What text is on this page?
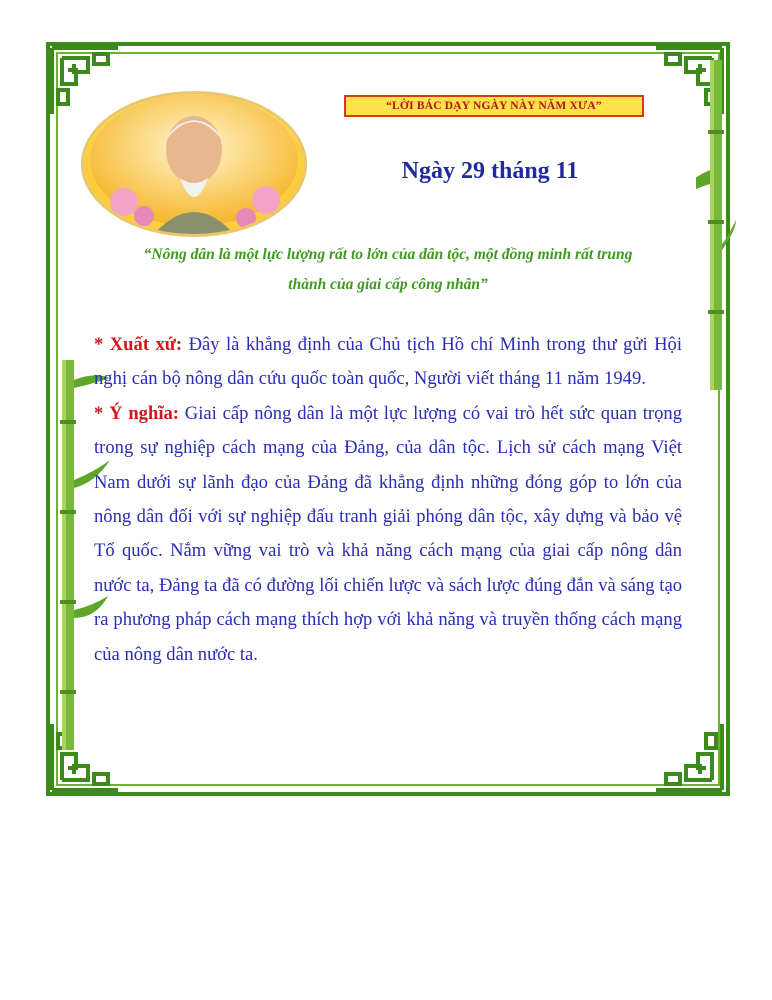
“LỜI BÁC DẠY NGÀY NÀY NĂM XƯA”
Ngày 29 tháng 11
“Nông dân là một lực lượng rất to lớn của dân tộc, một đồng minh rất trung
thành của giai cấp công nhân”

* Xuất xứ: Đây là khẳng định của Chủ tịch Hồ chí Minh trong thư gửi Hội nghị cán bộ nông dân cứu quốc toàn quốc, Người viết tháng 11 năm 1949.

* Ý nghĩa: Giai cấp nông dân là một lực lượng có vai trò hết sức quan trọng trong sự nghiệp cách mạng của Đảng, của dân tộc. Lịch sử cách mạng Việt Nam dưới sự lãnh đạo của Đảng đã khẳng định những đóng góp to lớn của nông dân đối với sự nghiệp đấu tranh giải phóng dân tộc, xây dựng và bảo vệ Tổ quốc. Nắm vững vai trò và khả năng cách mạng của giai cấp nông dân nước ta, Đảng ta đã có đường lối chiến lược và sách lược đúng đắn và sáng tạo ra phương pháp cách mạng thích hợp với khả năng và truyền thống cách mạng của nông dân nước ta.
